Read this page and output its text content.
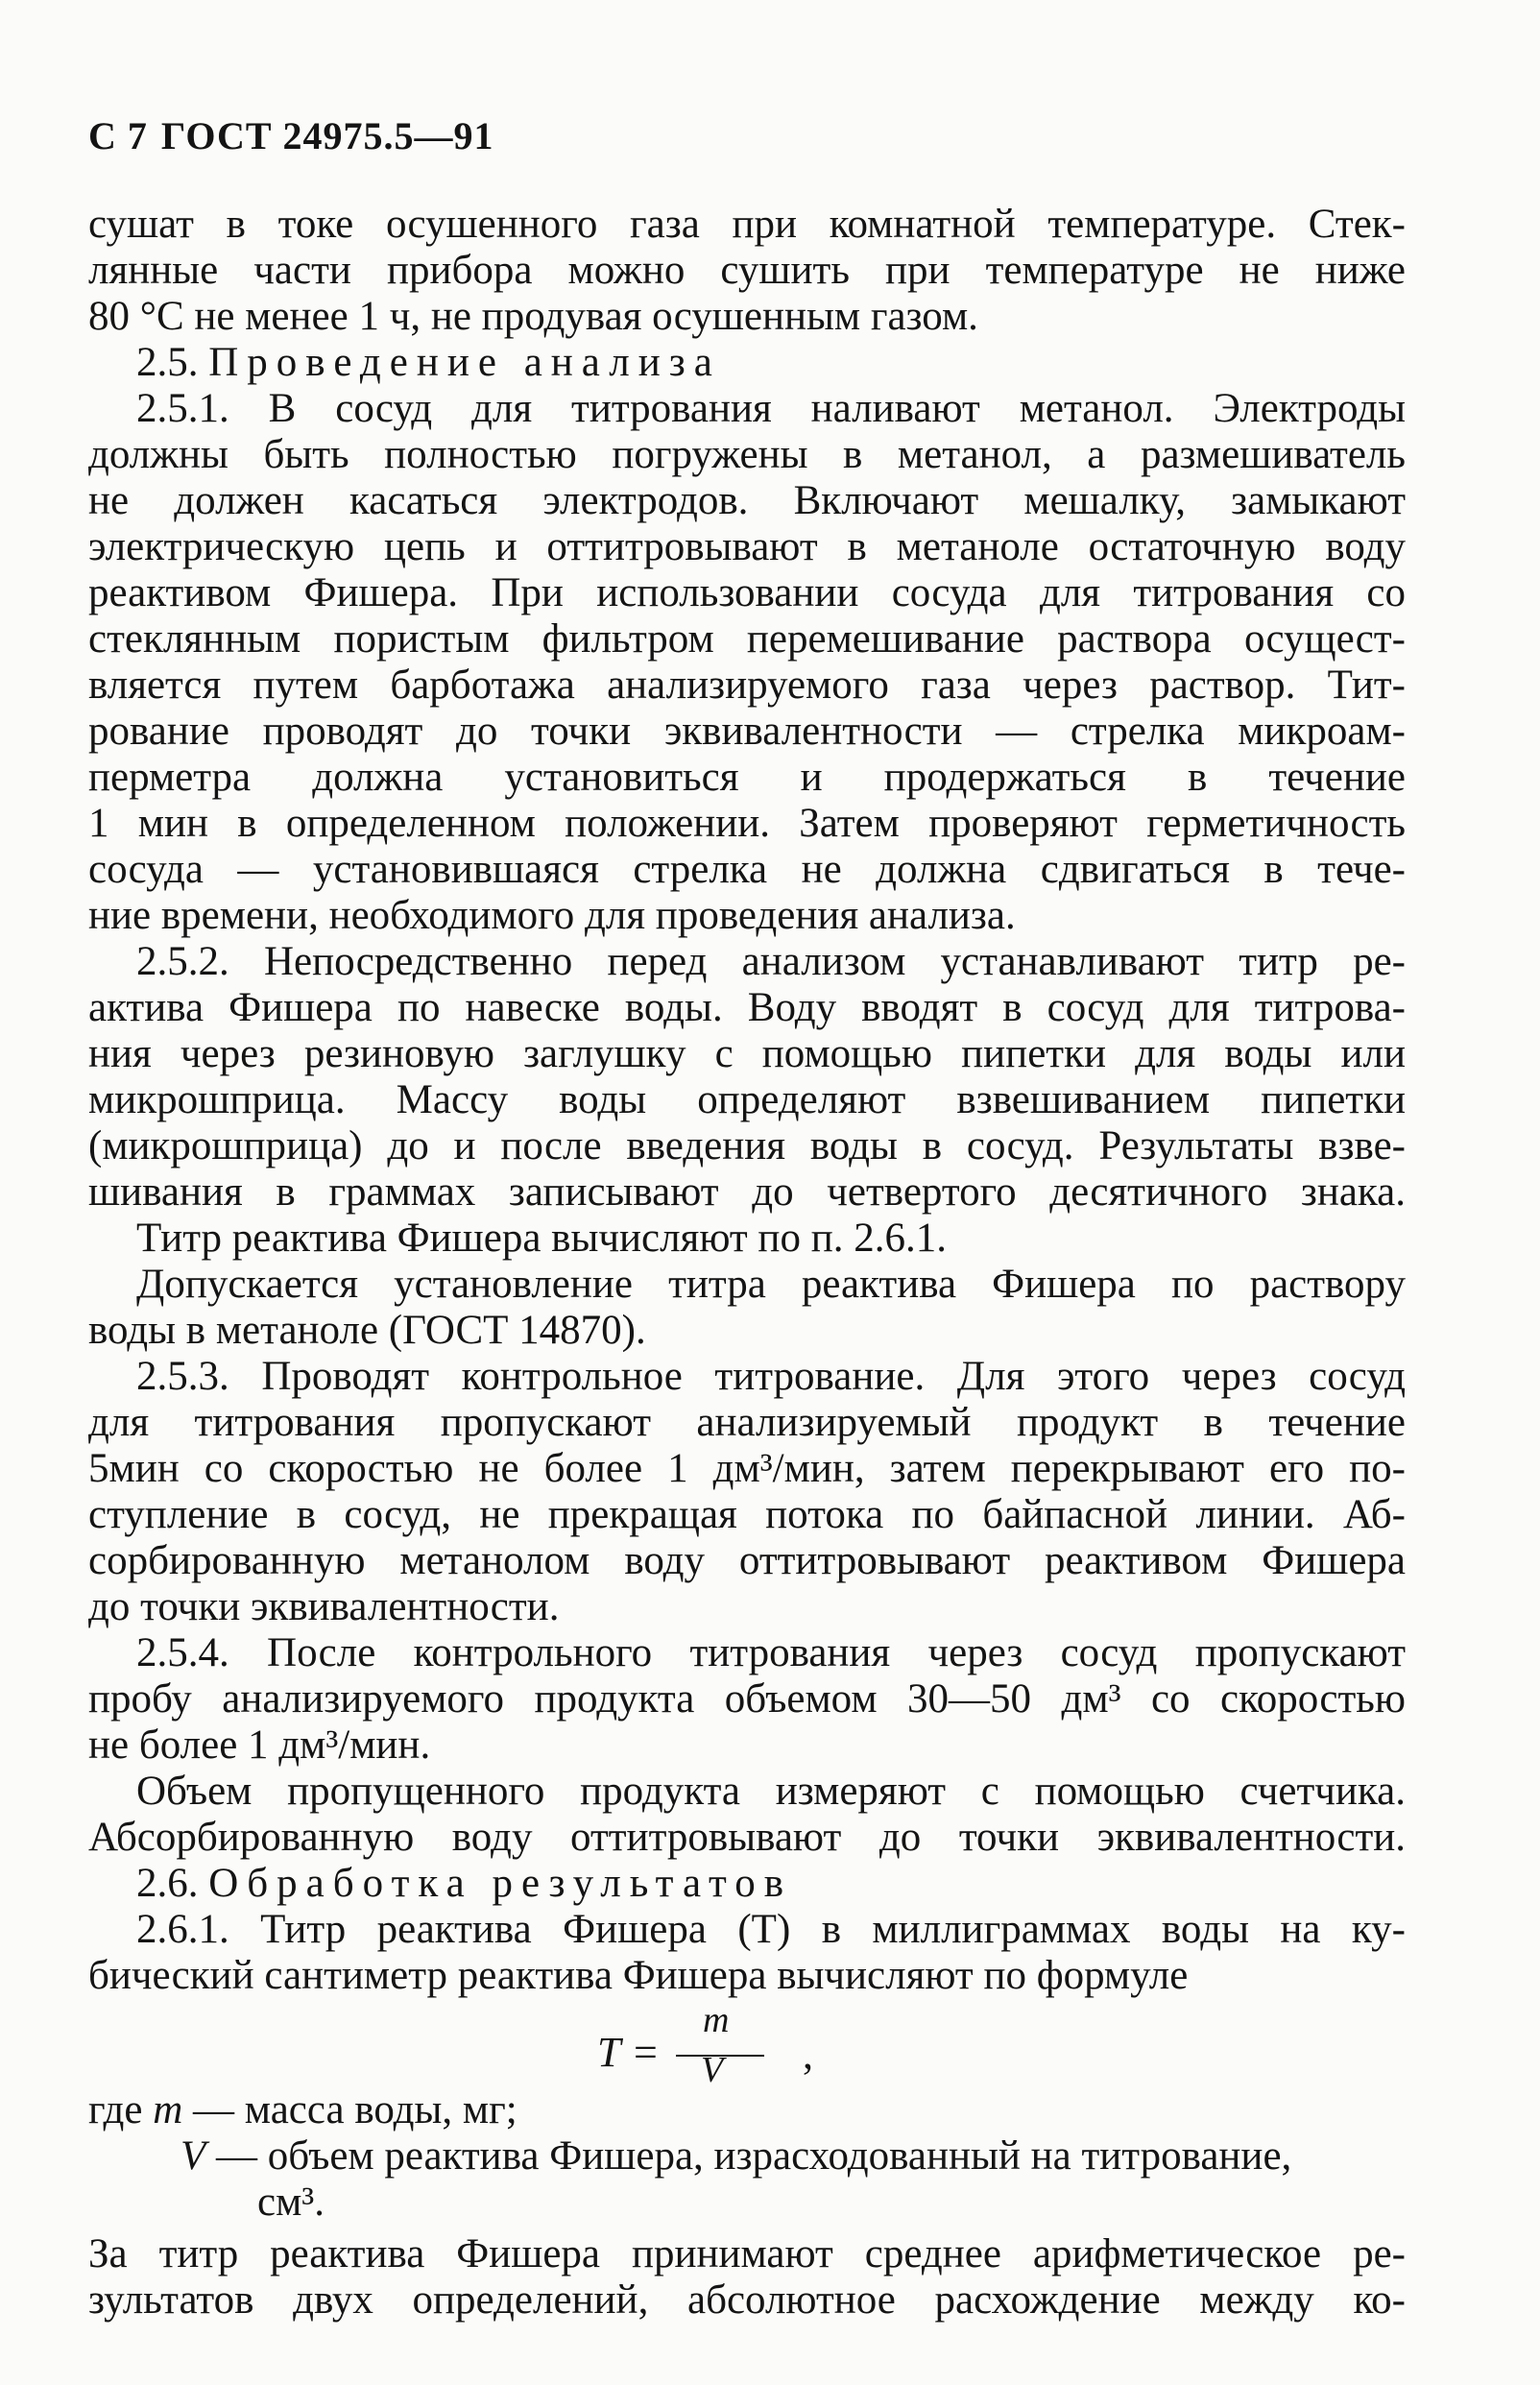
С 7 ГОСТ 24975.5—91
сушат в токе осушенного газа при комнатной температуре. Стек-
лянные части прибора можно сушить при температуре не ниже
80 °C не менее 1 ч, не продувая осушенным газом.
2.5. Проведение анализа
2.5.1. В сосуд для титрования наливают метанол. Электроды
должны быть полностью погружены в метанол, а размешиватель
не должен касаться электродов. Включают мешалку, замыкают
электрическую цепь и оттитровывают в метаноле остаточную воду
реактивом Фишера. При использовании сосуда для титрования со
стеклянным пористым фильтром перемешивание раствора осущест-
вляется путем барботажа анализируемого газа через раствор. Тит-
рование проводят до точки эквивалентности — стрелка микроам-
перметра должна установиться и продержаться в течение
1 мин в определенном положении. Затем проверяют герметичность
сосуда — установившаяся стрелка не должна сдвигаться в тече-
ние времени, необходимого для проведения анализа.
2.5.2. Непосредственно перед анализом устанавливают титр ре-
актива Фишера по навеске воды. Воду вводят в сосуд для титрова-
ния через резиновую заглушку с помощью пипетки для воды или
микрошприца. Массу воды определяют взвешиванием пипетки
(микрошприца) до и после введения воды в сосуд. Результаты взве-
шивания в граммах записывают до четвертого десятичного знака.
Титр реактива Фишера вычисляют по п. 2.6.1.
Допускается установление титра реактива Фишера по раствору
воды в метаноле (ГОСТ 14870).
2.5.3. Проводят контрольное титрование. Для этого через сосуд
для титрования пропускают анализируемый продукт в течение
5мин со скоростью не более 1 дм³/мин, затем перекрывают его по-
ступление в сосуд, не прекращая потока по байпасной линии. Аб-
сорбированную метанолом воду оттитровывают реактивом Фишера
до точки эквивалентности.
2.5.4. После контрольного титрования через сосуд пропускают
пробу анализируемого продукта объемом 30—50 дм³ со скоростью
не более 1 дм³/мин.
Объем пропущенного продукта измеряют с помощью счетчика.
Абсорбированную воду оттитровывают до точки эквивалентности.
2.6. Обработка результатов
2.6.1. Титр реактива Фишера (T) в миллиграммах воды на ку-
бический сантиметр реактива Фишера вычисляют по формуле
T =
m
V ,
где m — масса воды, мг;
V — объем реактива Фишера, израсходованный на титрование,
см³.
За титр реактива Фишера принимают среднее арифметическое ре-
зультатов двух определений, абсолютное расхождение между ко-
